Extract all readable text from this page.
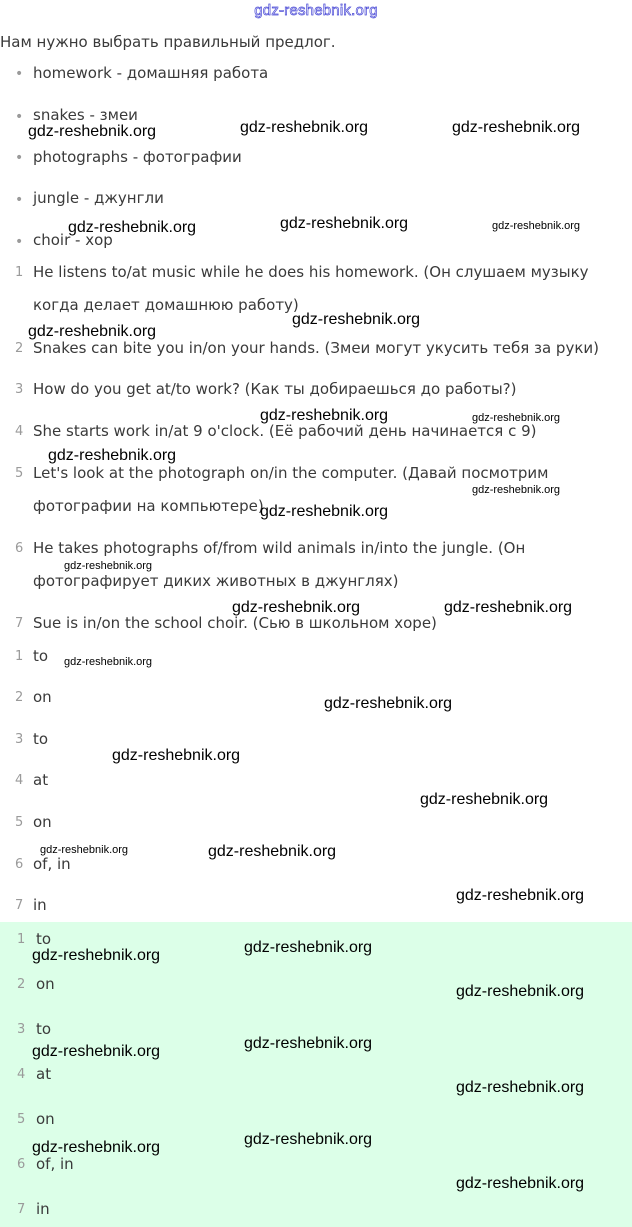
gdz-reshebnik.org
Нам нужно выбрать правильный предлог.
• homework - домашняя работа
• snakes - змеи
• photographs - фотографии
• jungle - джунгли
• choir - хор
1 He listens to/at music while he does his homework. (Он слушаем музыку
когда делает домашнюю работу)
2 Snakes can bite you in/on your hands. (Змеи могут укусить тебя за руки)
3 How do you get at/to work? (Как ты добираешься до работы?)
4 She starts work in/at 9 o'clock. (Её рабочий день начинается с 9)
5 Let's look at the photograph on/in the computer. (Давай посмотрим
фотографии на компьютере)
6 He takes photographs of/from wild animals in/into the jungle. (Он
фотографирует диких животных в джунглях)
7 Sue is in/on the school choir. (Сью в школьном хоре)
1 to
2 on
3 to
4 at
5 on
6 of, in
7 in
1 to
2 on
3 to
4 at
5 on
6 of, in
7 in
gdz-reshebnik.org	gdz-reshebnik.org	gdz-reshebnik.org
gdz-reshebnik.org	gdz-reshebnik.org	gdz-reshebnik.org
gdz-reshebnik.org
gdz-reshebnik.org
gdz-reshebnik.org	gdz-reshebnik.org
gdz-reshebnik.org
gdz-reshebnik.org
gdz-reshebnik.org
gdz-reshebnik.org
gdz-reshebnik.org	gdz-reshebnik.org
gdz-reshebnik.org
gdz-reshebnik.org
gdz-reshebnik.org
gdz-reshebnik.org
gdz-reshebnik.org	gdz-reshebnik.org
gdz-reshebnik.org
gdz-reshebnik.org
gdz-reshebnik.org
gdz-reshebnik.org
gdz-reshebnik.org
gdz-reshebnik.org
gdz-reshebnik.org
gdz-reshebnik.org
gdz-reshebnik.org
gdz-reshebnik.org
